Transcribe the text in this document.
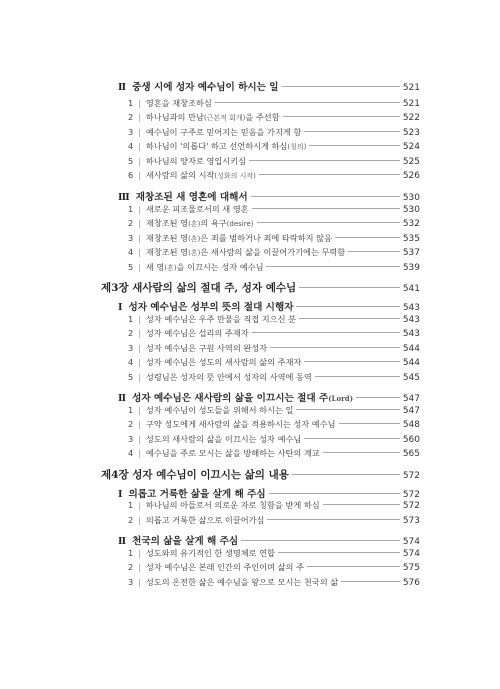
Ⅱ 중생 시에 성자 예수님이 하시는 일	521
1 | 영혼을 재창조하심	521
2 | 하나님과의 만남(근본적 회개)을 주선함	522
3 | 예수님이 구주로 믿어지는 믿음을 가지게 함	523
4 | 하나님이 '의롭다' 하고 선언하시게 하심(칭의)	524
5 | 하나님의 양자로 영입시키심	525
6 | 새사람의 삶의 시작(성화의 시작)	526
Ⅲ 재창조된 새 영혼에 대해서	530
1 | 새로운 피조물로서의 새 영혼	530
2 | 재창조된 영(혼)의 욕구(desire)	532
3 | 재창조된 영(혼)은 죄를 범하거나 죄에 타락하지 않음	535
4 | 재창조된 영(혼)은 새사람의 삶을 이끌어가기에는 무력함	537
5 | 새 영(혼)을 이끄시는 성자 예수님	539
제3장 새사람의 삶의 절대 주, 성자 예수님	541
Ⅰ 성자 예수님은 성부의 뜻의 절대 시행자	543
1 | 성자 예수님은 우주 만물을 직접 지으신 분	543
2 | 성자 예수님은 섭리의 주재자	543
3 | 성자 예수님은 구원 사역의 완성자	544
4 | 성자 예수님은 성도의 새사람의 삶의 주재자	544
5 | 성령님은 성자의 뜻 안에서 성자의 사역에 동역	545
Ⅱ 성자 예수님은 새사람의 삶을 이끄시는 절대 주(Lord)	547
1 | 성자 예수님이 성도들을 위해서 하시는 일	547
2 | 구약 성도에게 새사람의 삶을 적용하시는 성자 예수님	548
3 | 성도의 새사람의 삶을 이끄시는 성자 예수님	560
4 | 예수님을 주로 모시는 삶을 방해하는 사탄의 계교	565
제4장 성자 예수님이 이끄시는 삶의 내용	572
Ⅰ 의롭고 거룩한 삶을 살게 해 주심	572
1 | 하나님의 아들로서 의로운 자로 칭함을 받게 하심	572
2 | 의롭고 거룩한 삶으로 이끌어가심	573
Ⅱ 천국의 삶을 살게 해 주심	574
1 | 성도와의 유기적인 한 생명체로 연합	574
2 | 성자 예수님은 본래 인간의 주인이며 삶의 주	575
3 | 성도의 온전한 삶은 예수님을 왕으로 모시는 천국의 삶	576
